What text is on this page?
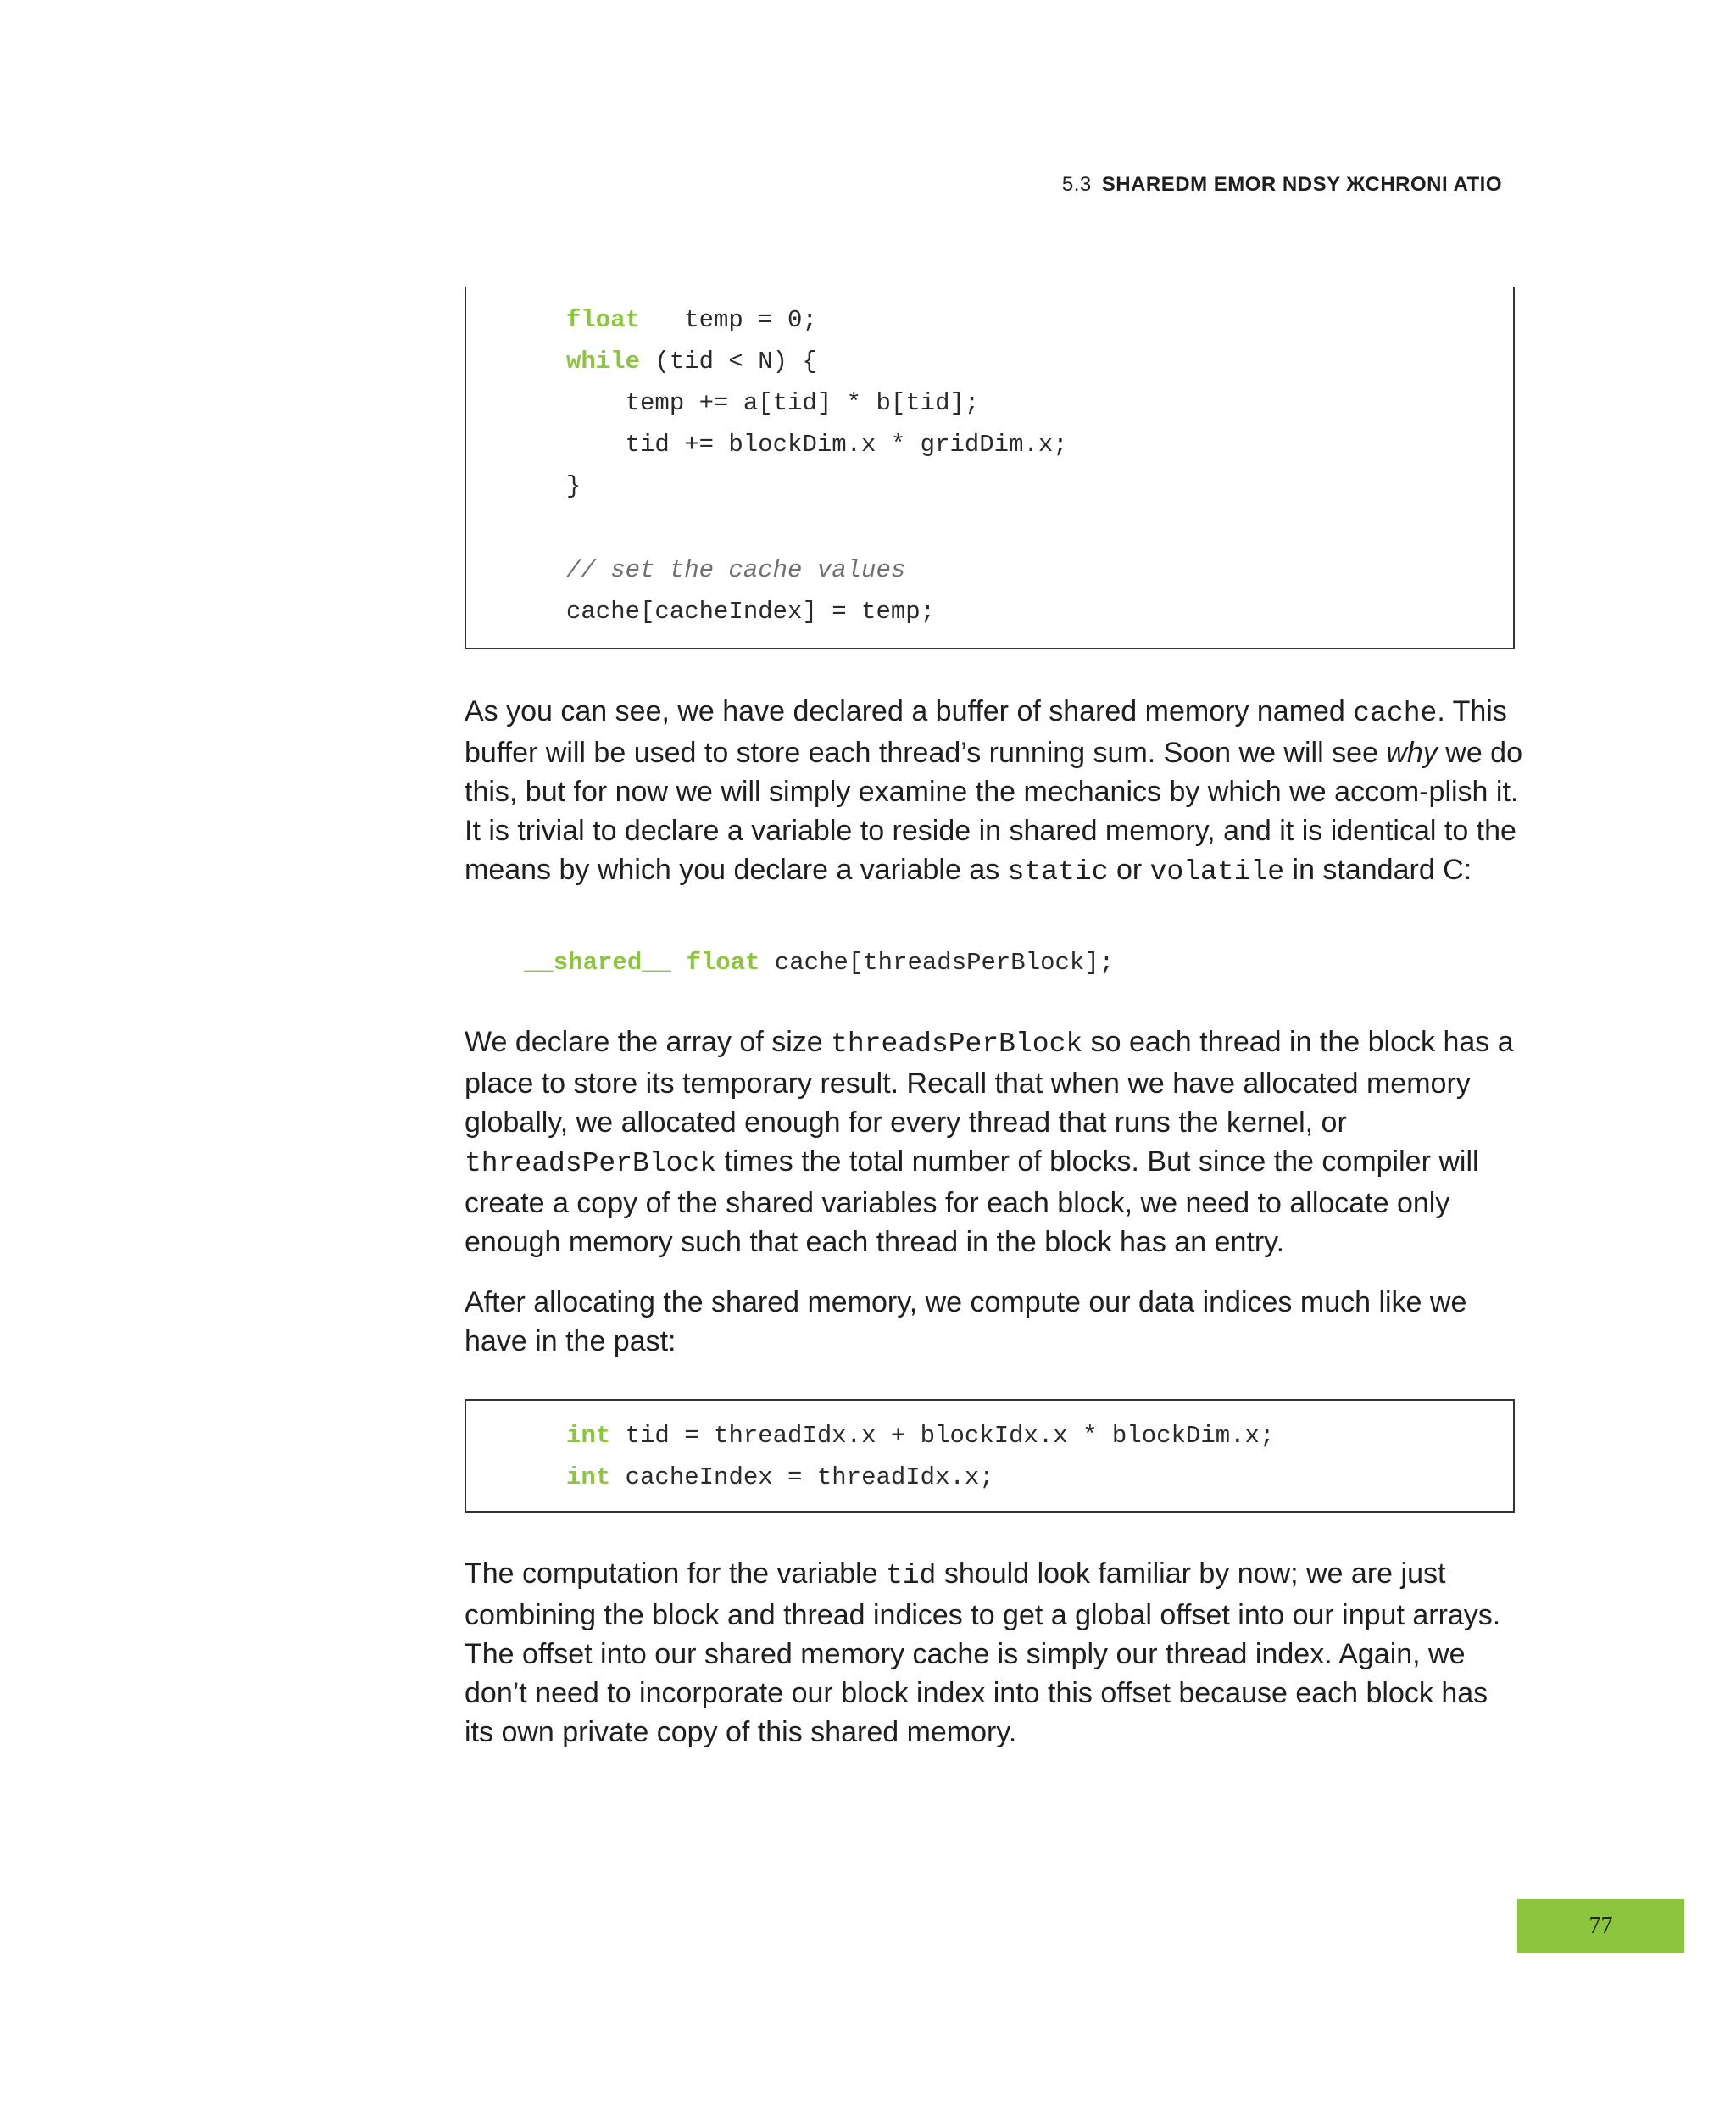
5.3 SHAREDM EMOR NDSY ЖCHRONI ATIO
float   temp = 0;
while (tid < N) {
temp += a[tid] * b[tid];
tid += blockDim.x * gridDim.x;
}
// set the cache values
cache[cacheIndex] = temp;
As you can see, we have declared a buffer of shared memory named cache. This buffer will be used to store each thread’s running sum. Soon we will see why we do this, but for now we will simply examine the mechanics by which we accom-plish it. It is trivial to declare a variable to reside in shared memory, and it is identical to the means by which you declare a variable as static or volatile in standard C:
__shared__ float cache[threadsPerBlock];
We declare the array of size threadsPerBlock so each thread in the block has a place to store its temporary result. Recall that when we have allocated memory globally, we allocated enough for every thread that runs the kernel, or threadsPerBlock times the total number of blocks. But since the compiler will create a copy of the shared variables for each block, we need to allocate only enough memory such that each thread in the block has an entry.
After allocating the shared memory, we compute our data indices much like we have in the past:
int tid = threadIdx.x + blockIdx.x * blockDim.x;
int cacheIndex = threadIdx.x;
The computation for the variable tid should look familiar by now; we are just combining the block and thread indices to get a global offset into our input arrays. The offset into our shared memory cache is simply our thread index. Again, we don’t need to incorporate our block index into this offset because each block has its own private copy of this shared memory.
77
